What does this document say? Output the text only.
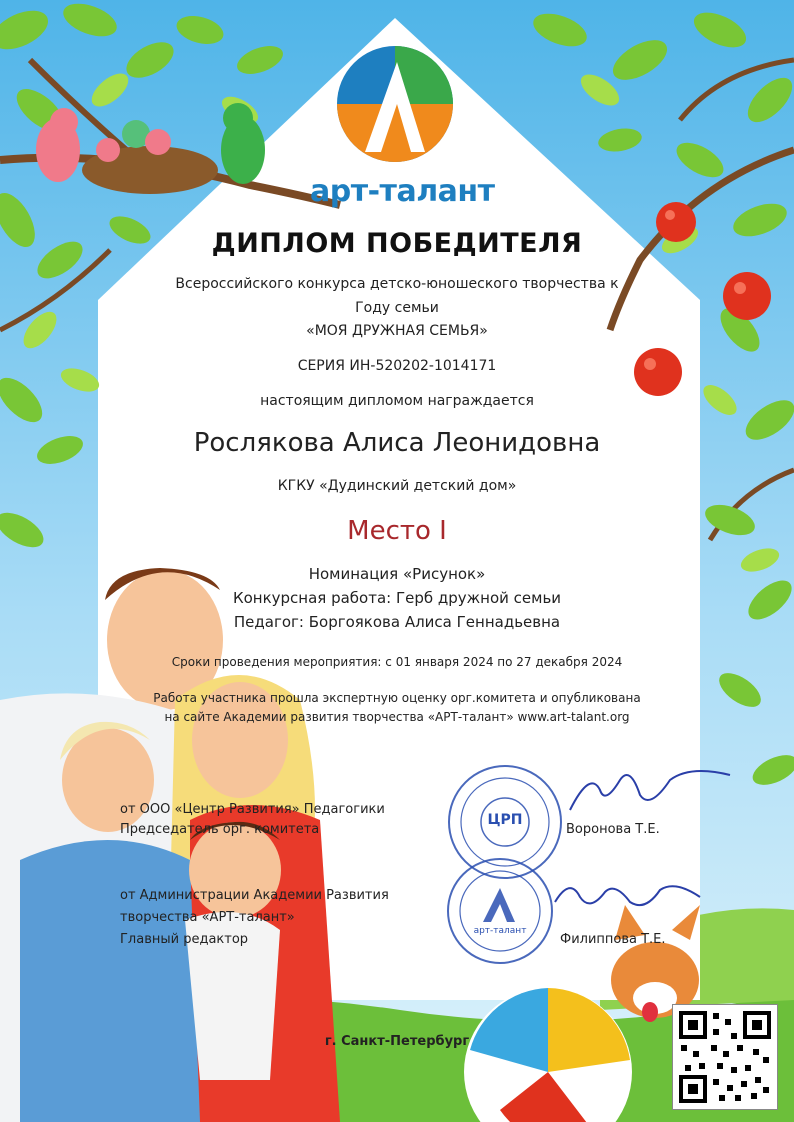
арт-талант
ДИПЛОМ ПОБЕДИТЕЛЯ
Всероссийского конкурса детско-юношеского творчества к
Году семьи
«МОЯ ДРУЖНАЯ СЕМЬЯ»
СЕРИЯ ИН-520202-1014171
настоящим дипломом награждается
Рослякова Алиса Леонидовна
КГКУ «Дудинский детский дом»
Место I
Номинация «Рисунок»
Конкурсная работа: Герб дружной семьи
Педагог: Боргоякова Алиса Геннадьевна
Сроки проведения мероприятия: с 01 января 2024 по 27 декабря 2024
Работа участника прошла экспертную оценку орг.комитета и опубликована
на сайте Академии развития творчества «АРТ-талант» www.art-talant.org
от ООО «Центр Развития» Педагогики
Председатель орг. комитета	Воронова Т.Е.
от Администрации Академии Развития
творчества «АРТ-талант»
Главный редактор	Филиппова Т.Е.
ЦРП
арт-талант
г. Санкт-Петербург
